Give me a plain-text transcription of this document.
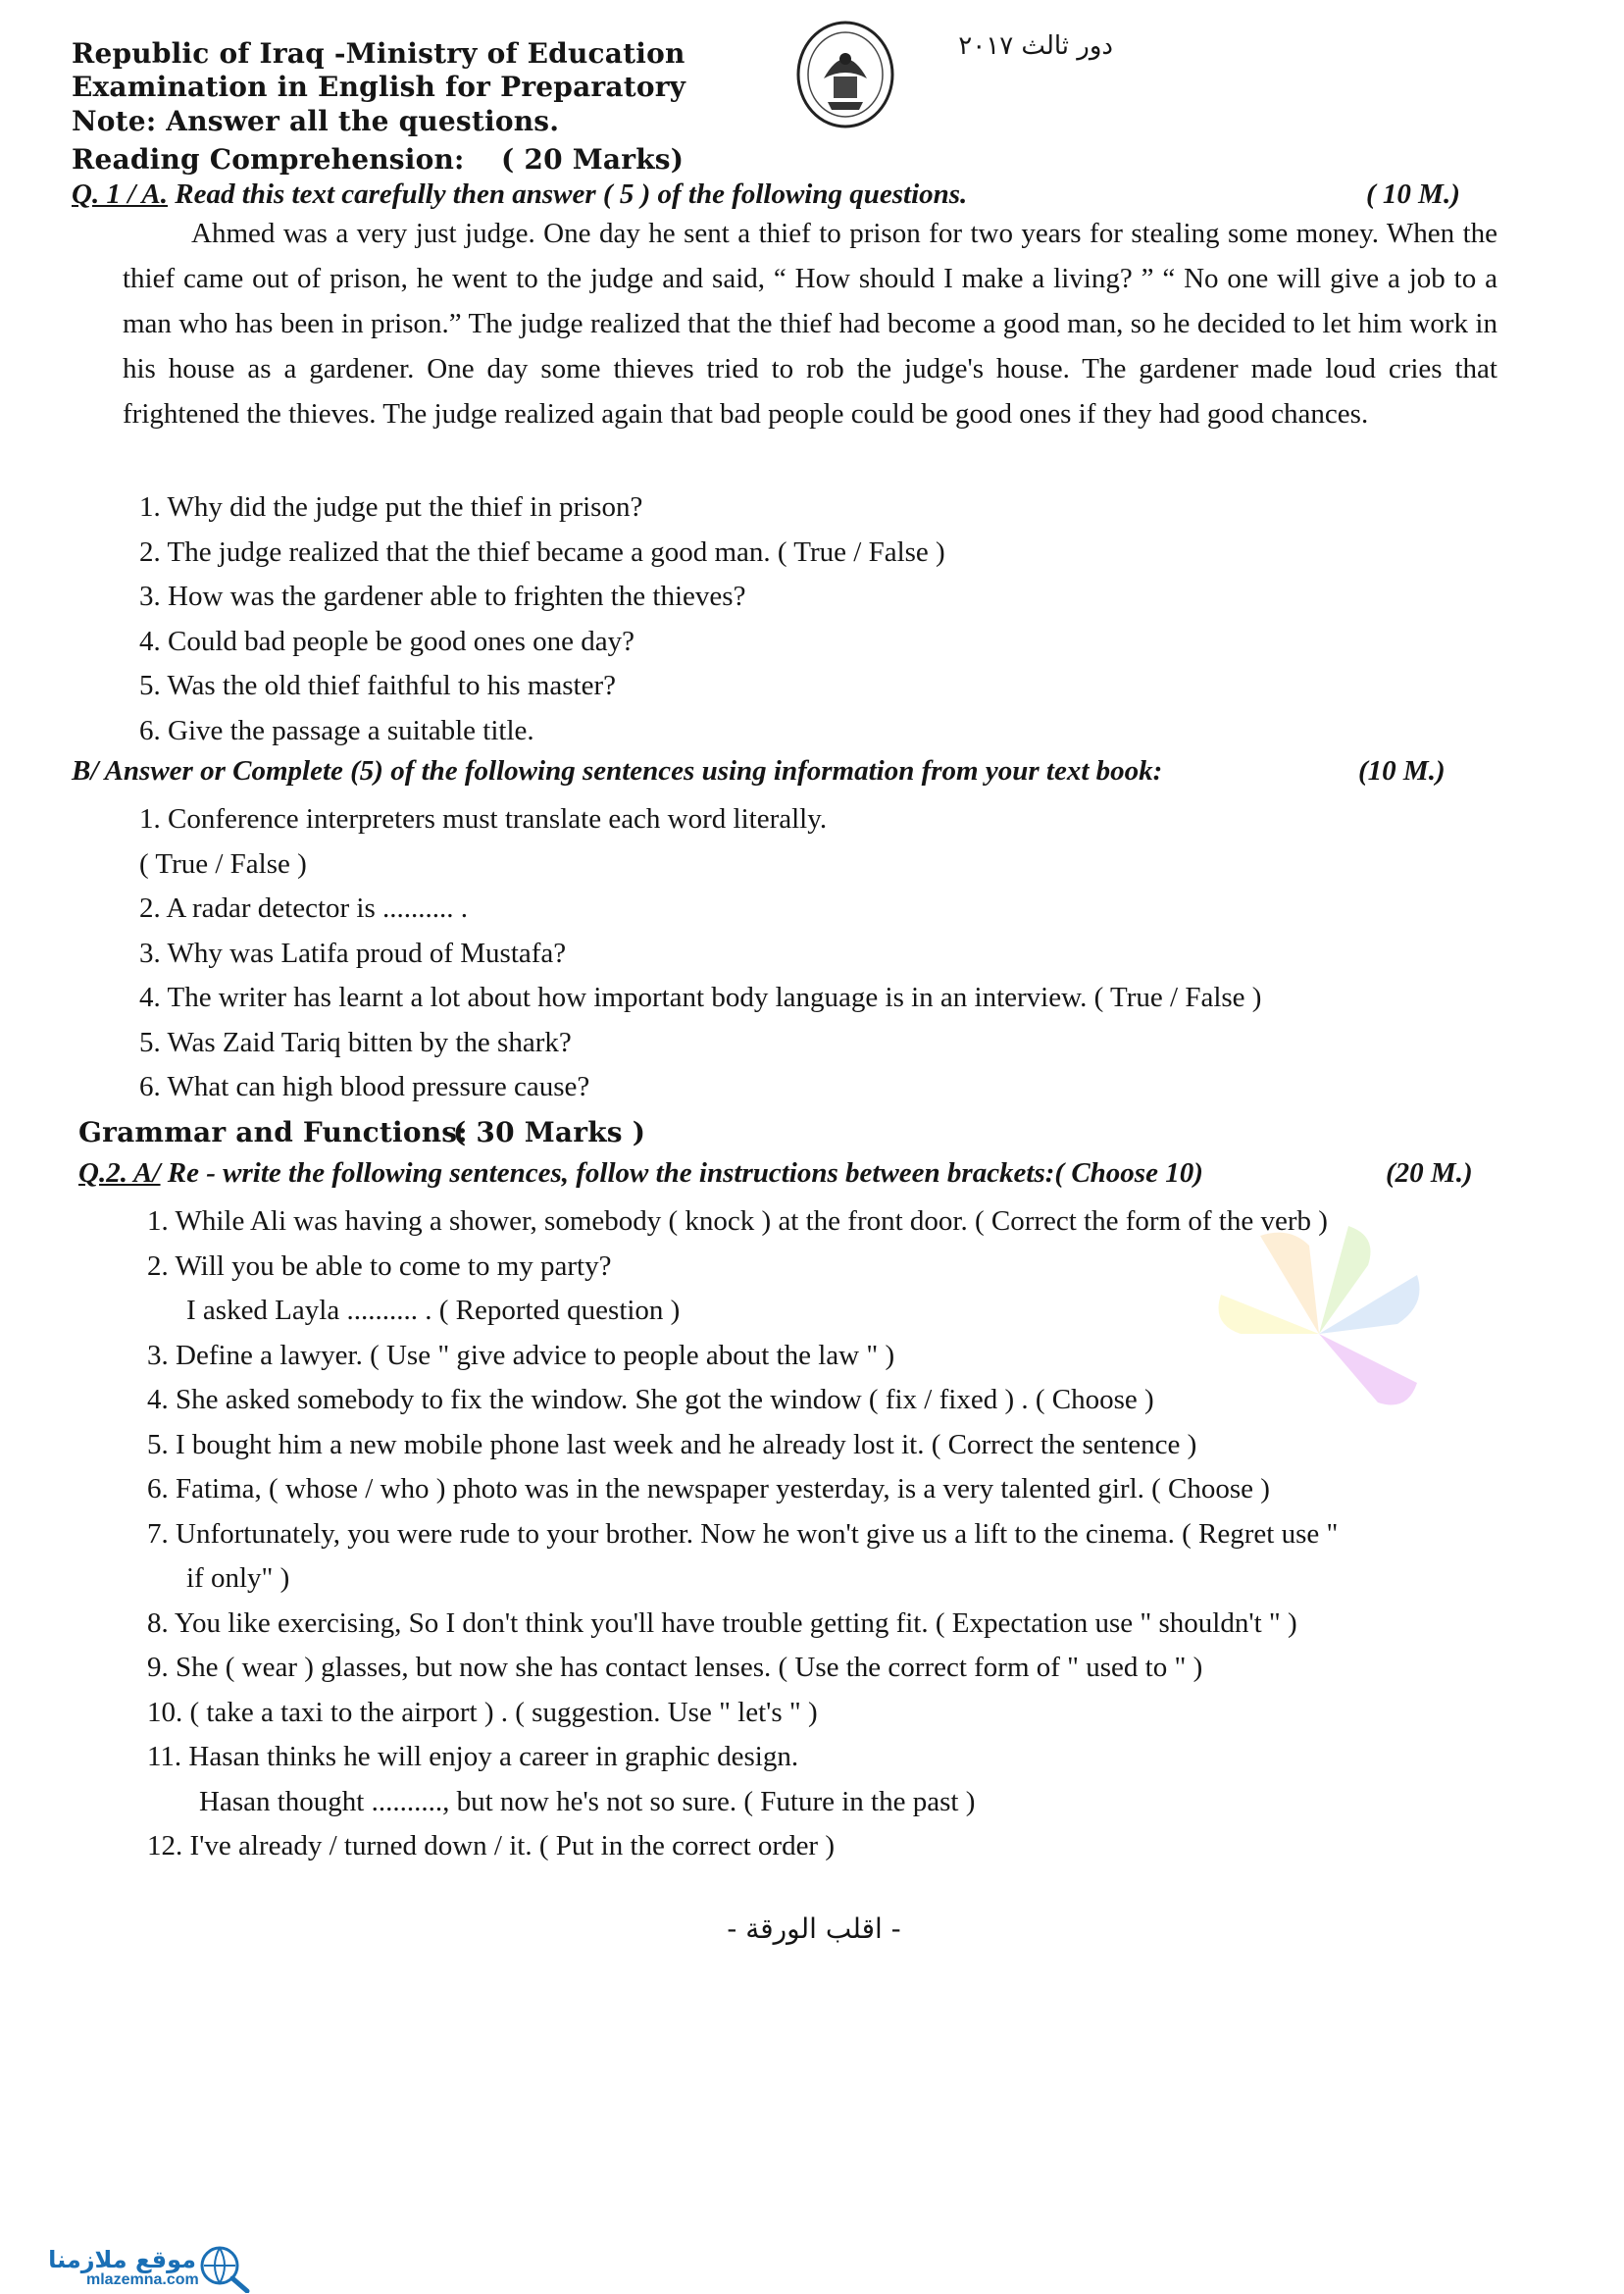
Republic of Iraq -Ministry of Education
Examination in English for Preparatory
Note: Answer all the questions.
دور ثالث ٢٠١٧
Reading Comprehension: ( 20 Marks)
Q. 1 / A. Read this text carefully then answer ( 5 ) of the following questions.	( 10 M.)
Ahmed was a very just judge. One day he sent a thief to prison for two years for stealing some money. When the thief came out of prison, he went to the judge and said, “ How should I make a living? ” “ No one will give a job to a man who has been in prison.” The judge realized that the thief had become a good man, so he decided to let him work in his house as a gardener. One day some thieves tried to rob the judge's house. The gardener made loud cries that frightened the thieves. The judge realized again that bad people could be good ones if they had good chances.
1. Why did the judge put the thief in prison?
2. The judge realized that the thief became a good man. ( True / False )
3. How was the gardener able to frighten the thieves?
4. Could bad people be good ones one day?
5. Was the old thief faithful to his master?
6. Give the passage a suitable title.
B/ Answer or Complete (5) of the following sentences using information from your text book:	(10 M.)
1. Conference interpreters must translate each word literally.
( True / False )
2. A radar detector is .......... .
3. Why was Latifa proud of Mustafa?
4. The writer has learnt a lot about how important body language is in an interview. ( True / False )
5. Was Zaid Tariq bitten by the shark?
6. What can high blood pressure cause?
Grammar and Functions:
( 30 Marks )
Q.2. A/ Re - write the following sentences, follow the instructions between brackets:( Choose 10)	(20 M.)
1. While Ali was having a shower, somebody ( knock ) at the front door. ( Correct the form of the verb )
2. Will you be able to come to my party?
I asked Layla .......... . ( Reported question )
3. Define a lawyer. ( Use " give advice to people about the law " )
4. She asked somebody to fix the window. She got the window ( fix / fixed ) . ( Choose )
5. I bought him a new mobile phone last week and he already lost it. ( Correct the sentence )
6. Fatima, ( whose / who ) photo was in the newspaper yesterday, is a very talented girl. ( Choose )
7. Unfortunately, you were rude to your brother. Now he won't give us a lift to the cinema. ( Regret use "
if only" )
8. You like exercising, So I don't think you'll have trouble getting fit. ( Expectation use " shouldn't " )
9. She ( wear ) glasses, but now she has contact lenses. ( Use the correct form of " used to " )
10. ( take a taxi to the airport ) . ( suggestion. Use " let's " )
11. Hasan thinks he will enjoy a career in graphic design.
Hasan thought .........., but now he's not so sure. ( Future in the past )
12. I've already / turned down / it. ( Put in the correct order )
- اقلب الورقة -
موقع ملازمنا
mlazemna.com
